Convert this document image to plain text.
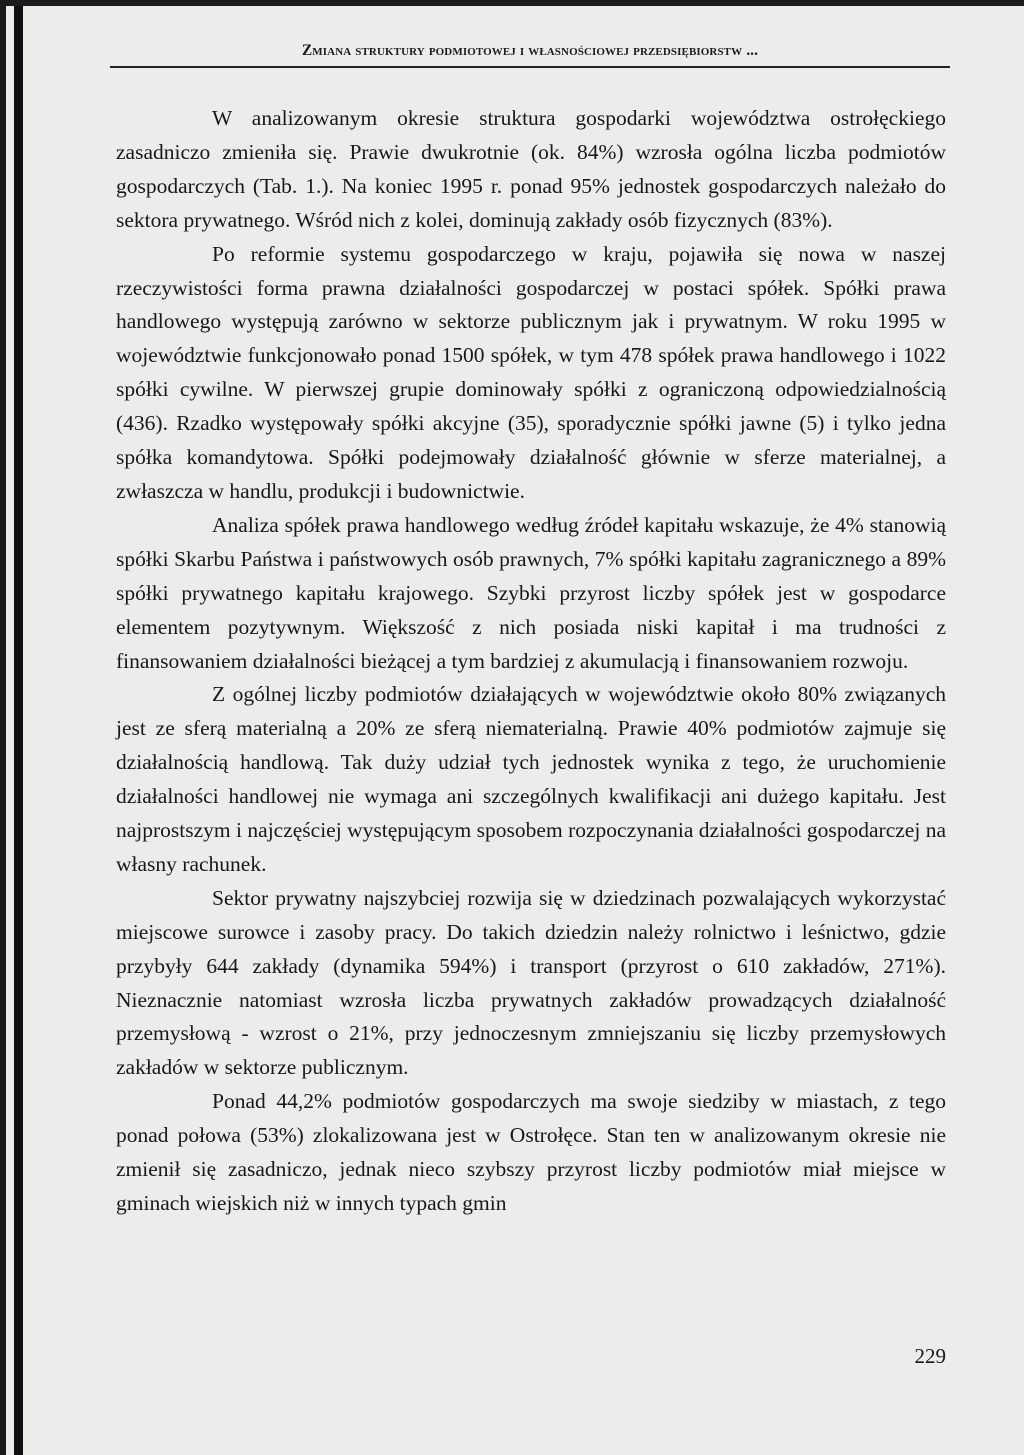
Zmiana struktury podmiotowej i własnościowej przedsiębiorstw ...

W analizowanym okresie struktura gospodarki województwa ostrołęckiego zasadniczo zmieniła się. Prawie dwukrotnie (ok. 84%) wzrosła ogólna liczba podmiotów gospodarczych (Tab. 1.). Na koniec 1995 r. ponad 95% jednostek gospodarczych należało do sektora prywatnego. Wśród nich z kolei, dominują zakłady osób fizycznych (83%).

Po reformie systemu gospodarczego w kraju, pojawiła się nowa w naszej rzeczywistości forma prawna działalności gospodarczej w postaci spółek. Spółki prawa handlowego występują zarówno w sektorze publicznym jak i prywatnym. W roku 1995 w województwie funkcjonowało ponad 1500 spółek, w tym 478 spółek prawa handlowego i 1022 spółki cywilne. W pierwszej grupie dominowały spółki z ograniczoną odpowiedzialnością (436). Rzadko występowały spółki akcyjne (35), sporadycznie spółki jawne (5) i tylko jedna spółka komandytowa. Spółki podejmowały działalność głównie w sferze materialnej, a zwłaszcza w handlu, produkcji i budownictwie.

Analiza spółek prawa handlowego według źródeł kapitału wskazuje, że 4% stanowią spółki Skarbu Państwa i państwowych osób prawnych, 7% spółki kapitału zagranicznego a 89% spółki prywatnego kapitału krajowego. Szybki przyrost liczby spółek jest w gospodarce elementem pozytywnym. Większość z nich posiada niski kapitał i ma trudności z finansowaniem działalności bieżącej a tym bardziej z akumulacją i finansowaniem rozwoju.

Z ogólnej liczby podmiotów działających w województwie około 80% związanych jest ze sferą materialną a 20% ze sferą niematerialną. Prawie 40% podmiotów zajmuje się działalnością handlową. Tak duży udział tych jednostek wynika z tego, że uruchomienie działalności handlowej nie wymaga ani szczególnych kwalifikacji ani dużego kapitału. Jest najprostszym i najczęściej występującym sposobem rozpoczynania działalności gospodarczej na własny rachunek.

Sektor prywatny najszybciej rozwija się w dziedzinach pozwalających wykorzystać miejscowe surowce i zasoby pracy. Do takich dziedzin należy rolnictwo i leśnictwo, gdzie przybyły 644 zakłady (dynamika 594%) i transport (przyrost o 610 zakładów, 271%). Nieznacznie natomiast wzrosła liczba prywatnych zakładów prowadzących działalność przemysłową - wzrost o 21%, przy jednoczesnym zmniejszaniu się liczby przemysłowych zakładów w sektorze publicznym.

Ponad 44,2% podmiotów gospodarczych ma swoje siedziby w miastach, z tego ponad połowa (53%) zlokalizowana jest w Ostrołęce. Stan ten w analizowanym okresie nie zmienił się zasadniczo, jednak nieco szybszy przyrost liczby podmiotów miał miejsce w gminach wiejskich niż w innych typach gmin

229
